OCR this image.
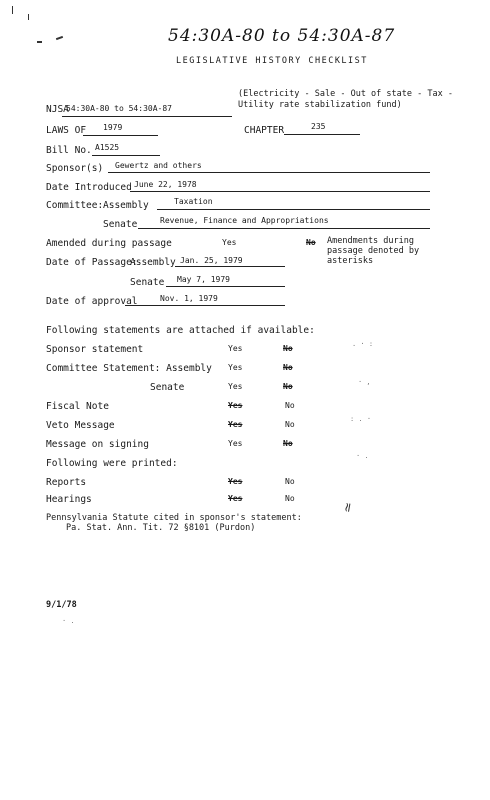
54:30A-80 to 54:30A-87
LEGISLATIVE HISTORY CHECKLIST
NJSA
54:30A-80 to 54:30A-87
(Electricity - Sale - Out of state - Tax - Utility rate stabilization fund)
LAWS OF 1979	CHAPTER	235
Bill No. A1525
Sponsor(s) Gewertz and others
Date Introduced June 22, 1978
Committee: Assembly	Taxation
Senate	Revenue, Finance and Appropriations
Amended during passage	Yes	No Amendments during passage denoted by asterisks
Date of Passage:
Assembly Jan. 25, 1979
Senate May 7, 1979
Date of approval	Nov. 1, 1979
Following statements are attached if available:
Sponsor statement	Yes	No
Committee Statement: Assembly Yes	No
Senate	Yes	No
Fiscal Note	Yes	No
Veto Message	Yes	No
Message on signing	Yes	No
Following were printed:
Reports	Yes	No
Hearings	Yes	No
Pennsylvania Statute cited in sponsor's statement:
Pa. Stat. Ann. Tit. 72 §8101 (Purdon)
. · :
· ,
: . ·
· .
≃
9/1/78
· .
